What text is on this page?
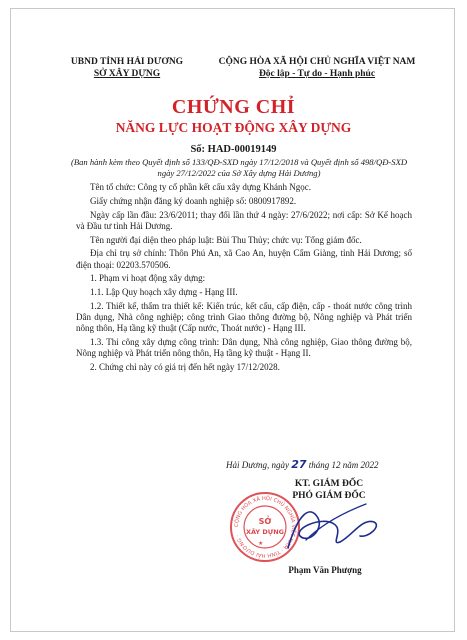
UBND TỈNH HẢI DƯƠNG
SỞ XÂY DỰNG
CỘNG HÒA XÃ HỘI CHỦ NGHĨA VIỆT NAM
Độc lập - Tự do - Hạnh phúc
CHỨNG CHỈ
NĂNG LỰC HOẠT ĐỘNG XÂY DỰNG
Số: HAD-00019149
(Ban hành kèm theo Quyết định số 133/QĐ-SXD ngày 17/12/2018 và Quyết định số 498/QĐ-SXD ngày 27/12/2022 của Sở Xây dựng Hải Dương)

Tên tổ chức: Công ty cổ phần kết cấu xây dựng Khánh Ngọc.

Giấy chứng nhận đăng ký doanh nghiệp số: 0800917892.

Ngày cấp lần đầu: 23/6/2011; thay đổi lần thứ 4 ngày: 27/6/2022; nơi cấp: Sở Kế hoạch và Đầu tư tỉnh Hải Dương.

Tên người đại diện theo pháp luật: Bùi Thu Thủy; chức vụ: Tổng giám đốc.

Địa chỉ trụ sở chính: Thôn Phú An, xã Cao An, huyện Cẩm Giàng, tỉnh Hải Dương; số điện thoại: 02203.570506.

1. Phạm vi hoạt động xây dựng:

1.1. Lập Quy hoạch xây dựng - Hạng III.

1.2. Thiết kế, thẩm tra thiết kế: Kiến trúc, kết cấu, cấp điện, cấp - thoát nước công trình Dân dụng, Nhà công nghiệp; công trình Giao thông đường bộ, Nông nghiệp và Phát triển nông thôn, Hạ tầng kỹ thuật (Cấp nước, Thoát nước) - Hạng III.

1.3. Thi công xây dựng công trình: Dân dụng, Nhà công nghiệp, Giao thông đường bộ, Nông nghiệp và Phát triển nông thôn, Hạ tầng kỹ thuật - Hạng II.

2. Chứng chỉ này có giá trị đến hết ngày 17/12/2028.

Hải Dương, ngày 27 tháng 12 năm 2022
KT. GIÁM ĐỐC
PHÓ GIÁM ĐỐC
CỘNG HÒA XÃ HỘI CHỦ NGHĨA VIỆT NAM · TỈNH HẢI DƯƠNG ·
SỞ
XÂY DỰNG
★
Phạm Văn Phượng
